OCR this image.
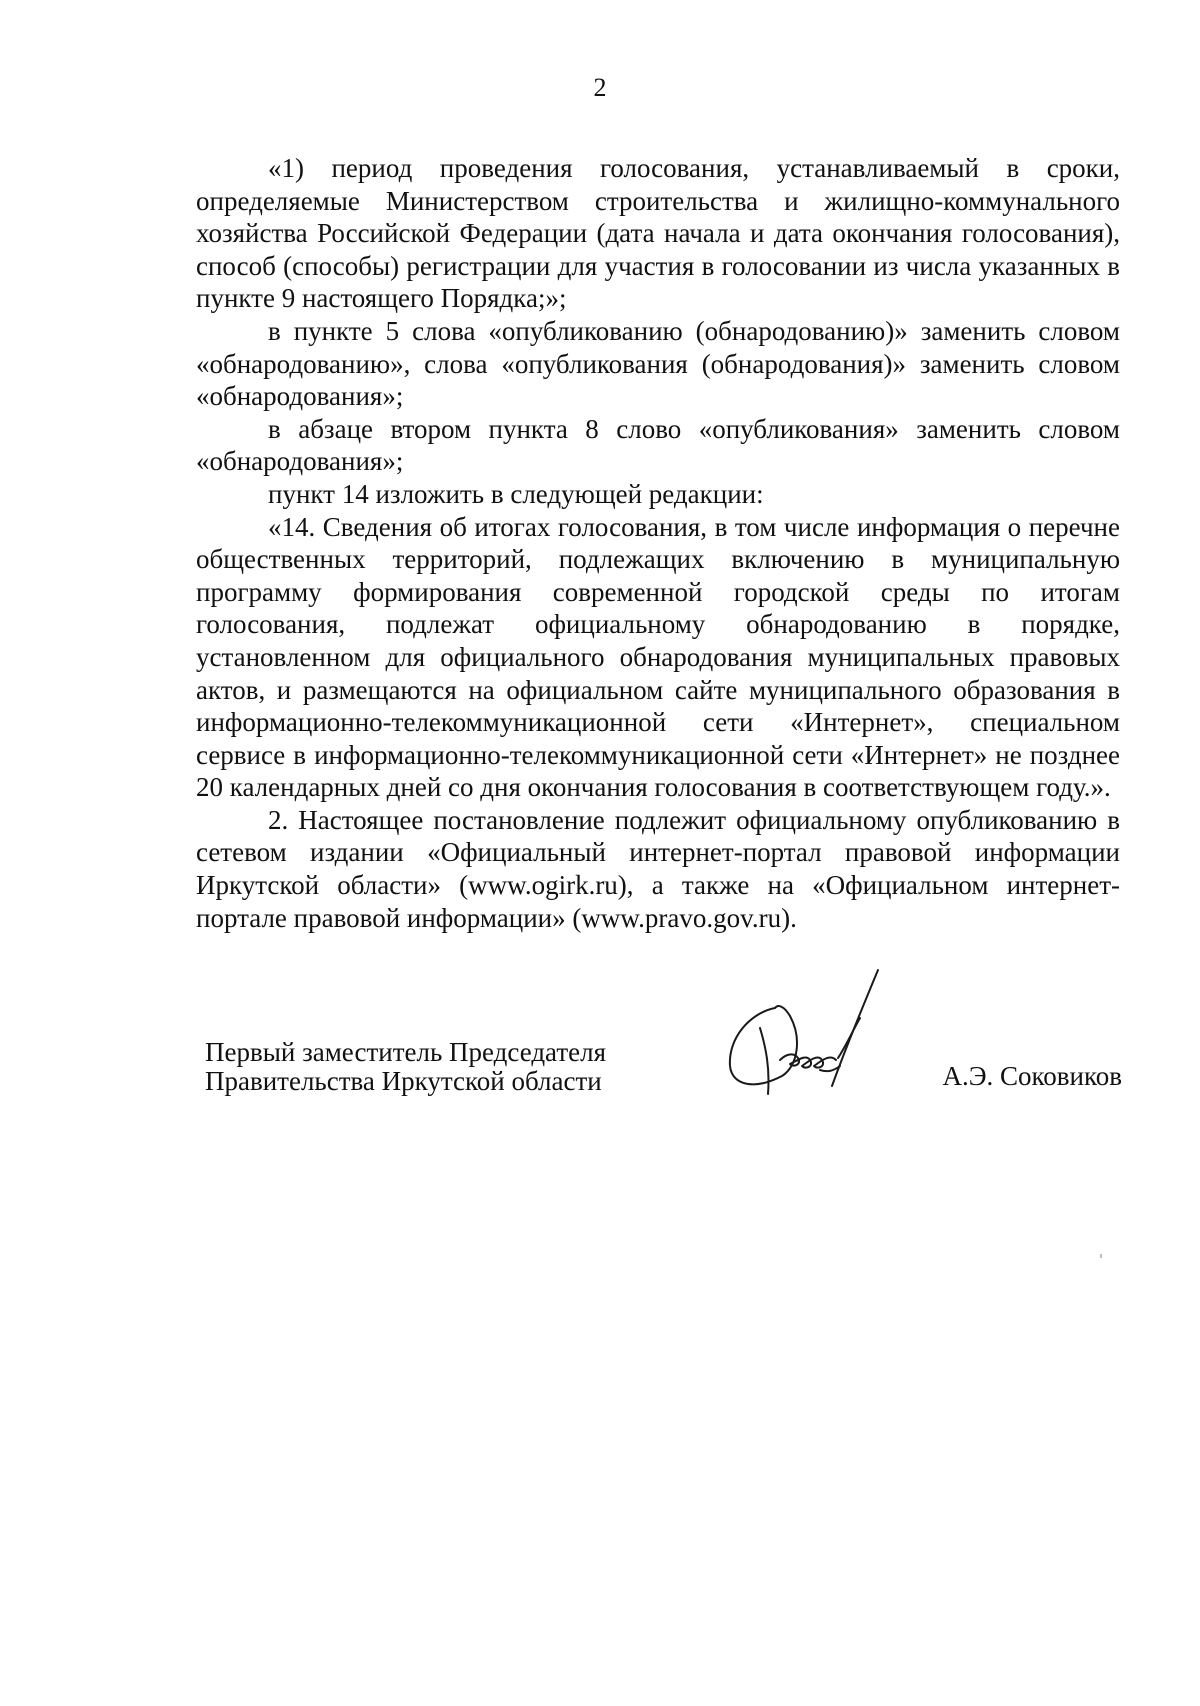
2

«1) период проведения голосования, устанавливаемый в сроки, определяемые Министерством строительства и жилищно-коммунального хозяйства Российской Федерации (дата начала и дата окончания голосования), способ (способы) регистрации для участия в голосовании из числа указанных в пункте 9 настоящего Порядка;»;

в пункте 5 слова «опубликованию (обнародованию)» заменить словом «обнародованию», слова «опубликования (обнародования)» заменить словом «обнародования»;

в абзаце втором пункта 8 слово «опубликования» заменить словом «обнародования»;

пункт 14 изложить в следующей редакции:

«14. Сведения об итогах голосования, в том числе информация о перечне общественных территорий, подлежащих включению в муниципальную программу формирования современной городской среды по итогам голосования, подлежат официальному обнародованию в порядке, установленном для официального обнародования муниципальных правовых актов, и размещаются на официальном сайте муниципального образования в информационно-телекоммуникационной сети «Интернет», специальном сервисе в информационно-телекоммуникационной сети «Интернет» не позднее 20 календарных дней со дня окончания голосования в соответствующем году.».

2. Настоящее постановление подлежит официальному опубликованию в сетевом издании «Официальный интернет-портал правовой информации Иркутской области» (www.ogirk.ru), а также на «Официальном интернет-портале правовой информации» (www.pravo.gov.ru).

Первый заместитель Председателя
Правительства Иркутской области	А.Э. Соковиков
